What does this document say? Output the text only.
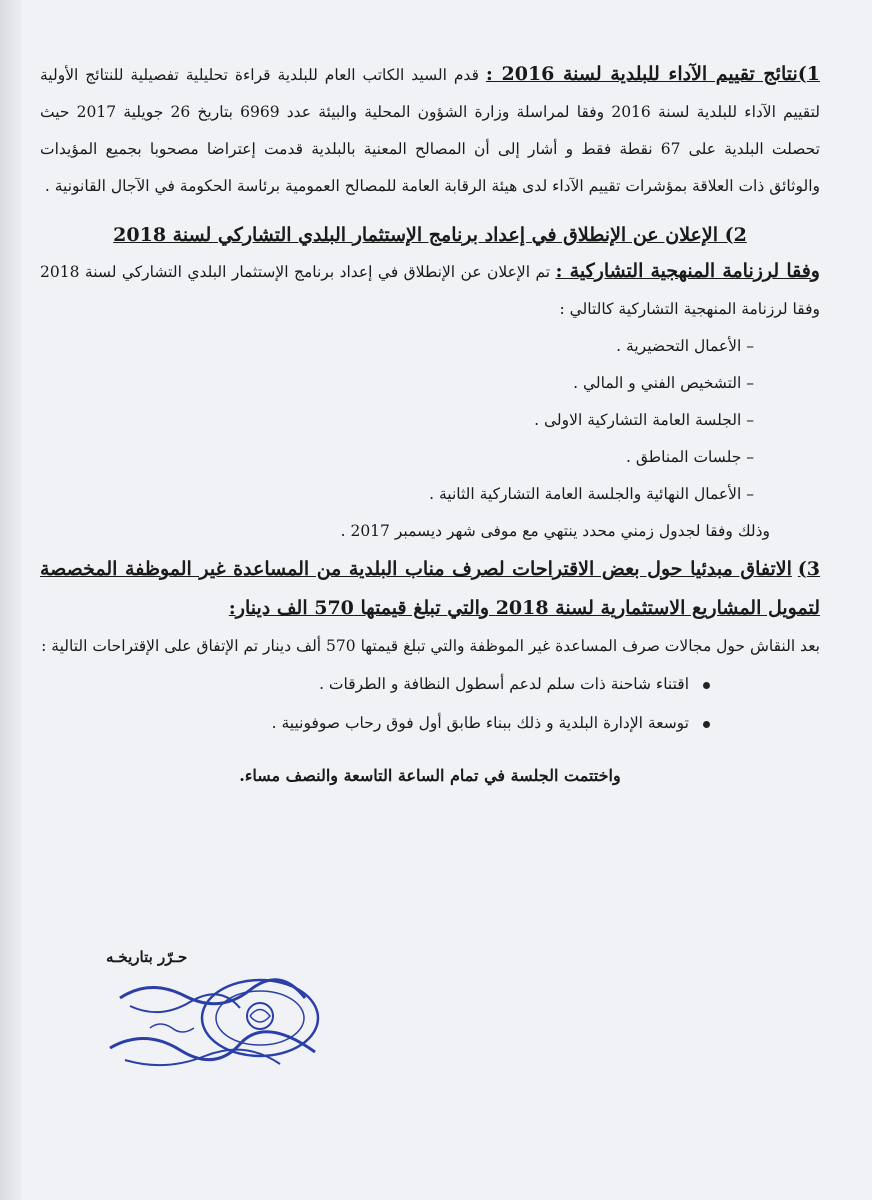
1)نتائج تقييم الآداء للبلدية لسنة 2016 : قدم السيد الكاتب العام للبلدية قراءة تحليلية تفصيلية للنتائج الأولية لتقييم الآداء للبلدية لسنة 2016 وفقا لمراسلة وزارة الشؤون المحلية والبيئة عدد 6969 بتاريخ 26 جويلية 2017 حيث تحصلت البلدية على 67 نقطة فقط و أشار إلى أن المصالح المعنية بالبلدية قدمت إعتراضا مصحوبا بجميع المؤيدات والوثائق ذات العلاقة بمؤشرات تقييم الآداء لدى هيئة الرقابة العامة للمصالح العمومية برئاسة الحكومة في الآجال القانونية .

2) الإعلان عن الإنطلاق في إعداد برنامج الإستثمار البلدي التشاركي لسنة 2018

وفقا لرزنامة المنهجية التشاركية : تم الإعلان عن الإنطلاق في إعداد برنامج الإستثمار البلدي التشاركي لسنة 2018 وفقا لرزنامة المنهجية التشاركية كالتالي :

– الأعمال التحضيرية .
– التشخيص الفني و المالي .
– الجلسة العامة التشاركية الاولى .
– جلسات المناطق .
– الأعمال النهائية والجلسة العامة التشاركية الثانية .

وذلك وفقا لجدول زمني محدد ينتهي مع موفى شهر ديسمبر 2017 .

3) الاتفاق مبدئيا حول بعض الاقتراحات لصرف مناب البلدية من المساعدة غير الموظفة المخصصة لتمويل المشاريع الاستثمارية لسنة 2018 والتي تبلغ قيمتها 570 الف دينار:

بعد النقاش حول مجالات صرف المساعدة غير الموظفة والتي تبلغ قيمتها 570 ألف دينار تم الإتفاق على الإقتراحات التالية :

اقتناء شاحنة ذات سلم لدعم أسطول النظافة و الطرقات .
توسعة الإدارة البلدية و ذلك ببناء طابق أول فوق رحاب صوفونيية .
واختتمت الجلسة في تمام الساعة التاسعة والنصف مساء.
حـرّر بتاريخـه
